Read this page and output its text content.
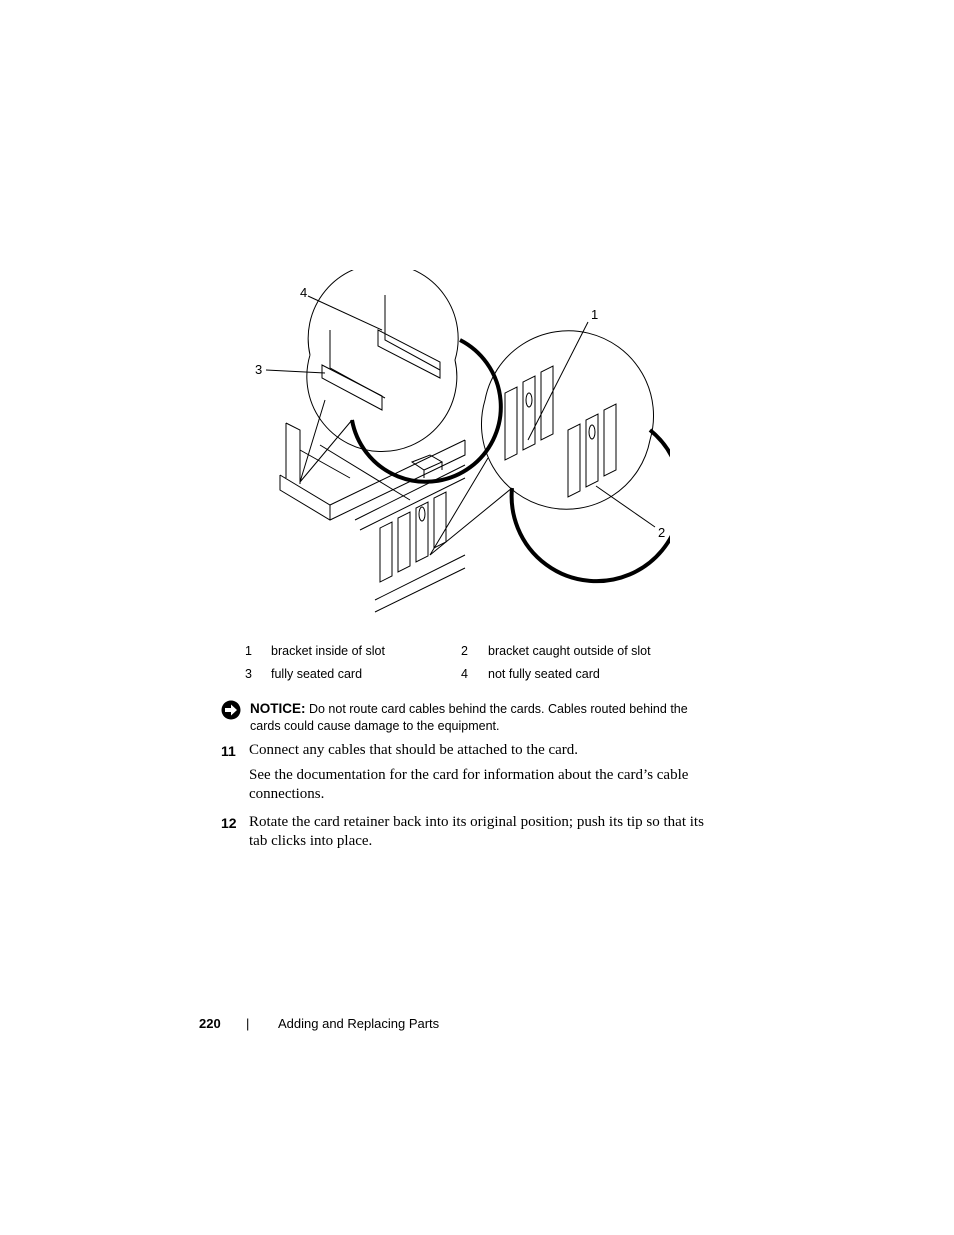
4
3
1
2
1 bracket inside of slot	2 bracket caught outside of slot
3 fully seated card	4 not fully seated card
NOTICE: Do not route card cables behind the cards. Cables routed behind the cards could cause damage to the equipment.
11 Connect any cables that should be attached to the card.
See the documentation for the card for information about the card’s cable connections.
12 Rotate the card retainer back into its original position; push its tip so that its tab clicks into place.
220 | Adding and Replacing Parts
